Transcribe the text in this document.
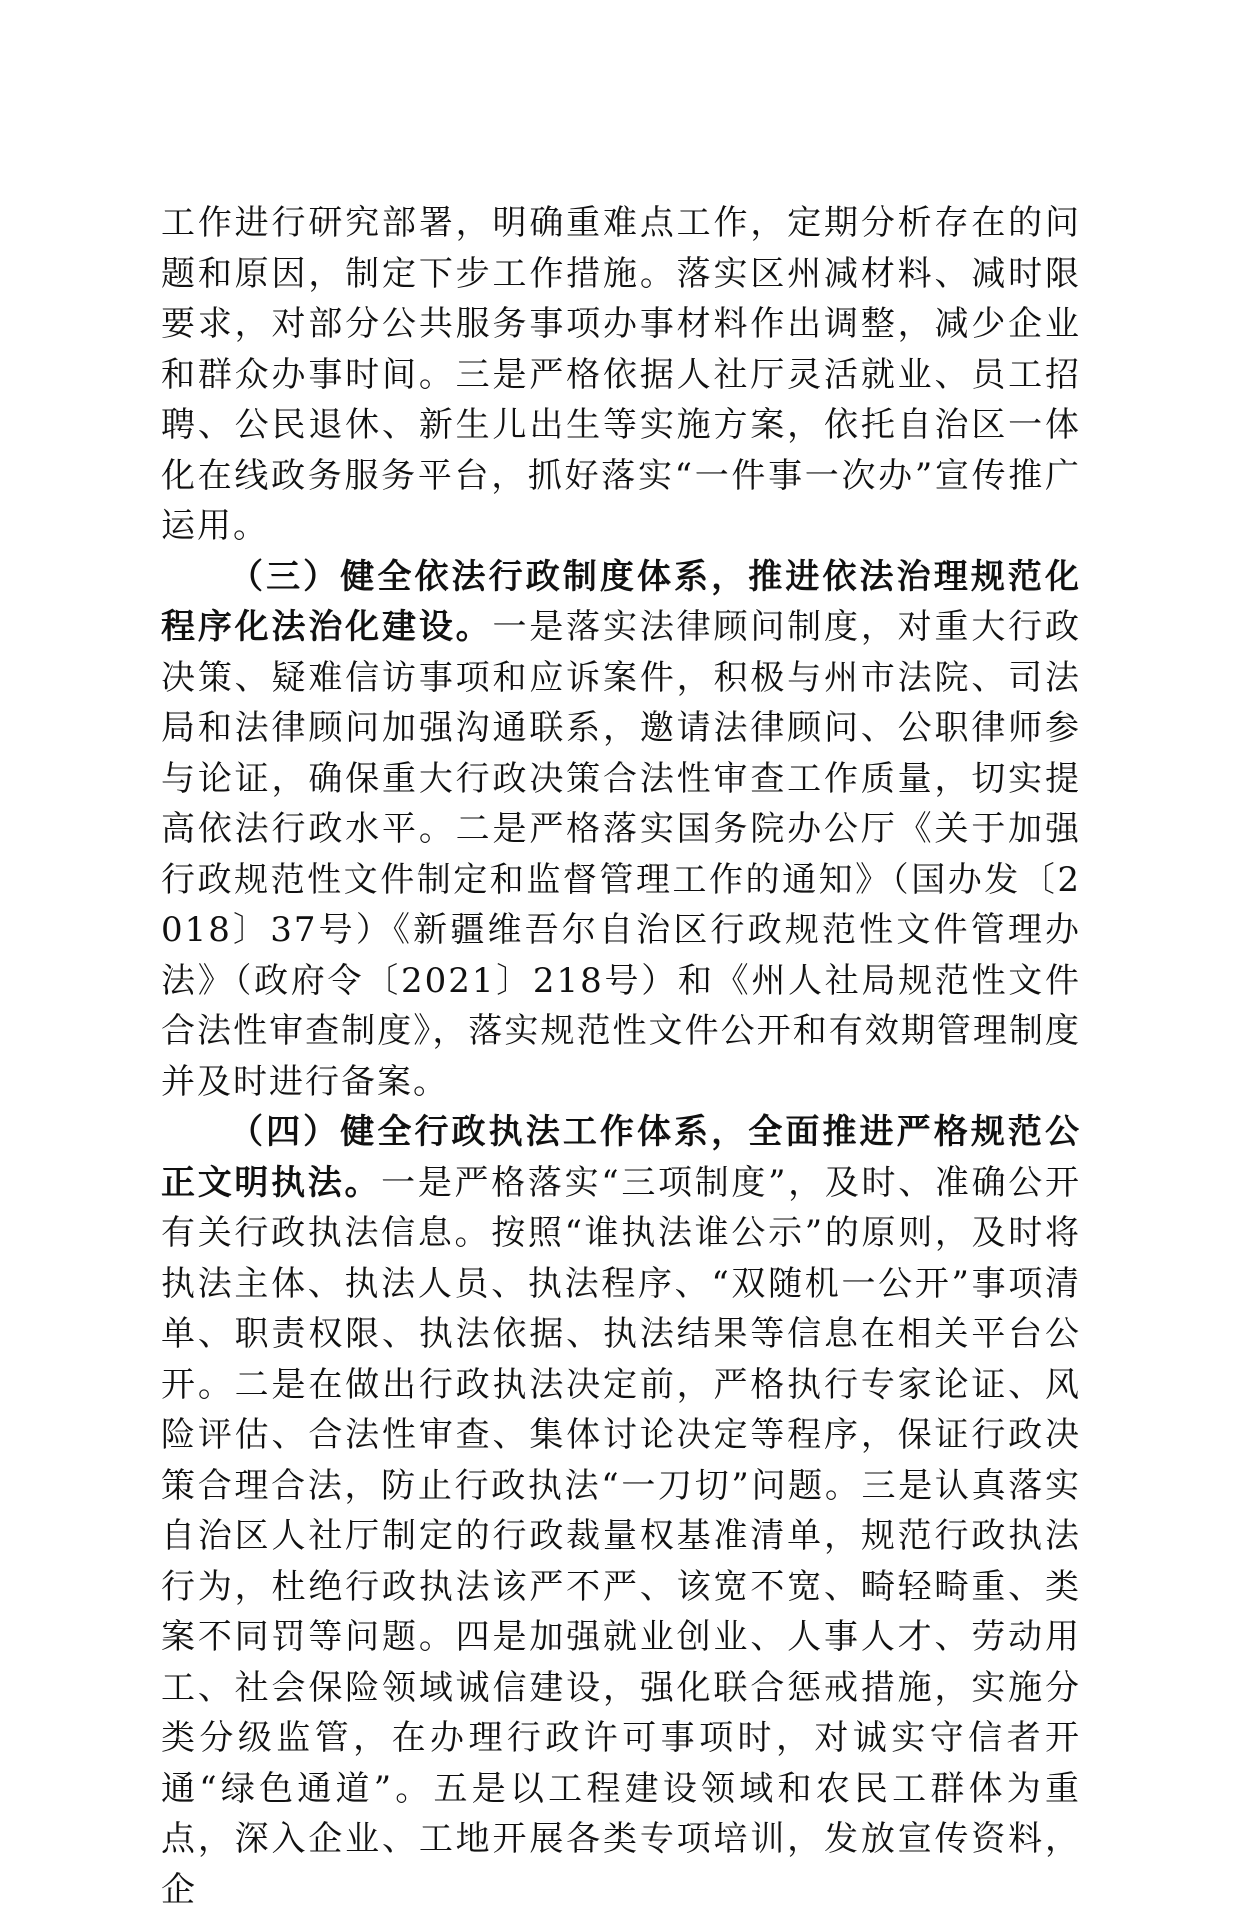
工作进行研究部署，明确重难点工作，定期分析存在的问题和原因，制定下步工作措施。落实区州减材料、减时限要求，对部分公共服务事项办事材料作出调整，减少企业和群众办事时间。三是严格依据人社厅灵活就业、员工招聘、公民退休、新生儿出生等实施方案，依托自治区一体化在线政务服务平台，抓好落实“一件事一次办”宣传推广运用。

（三）健全依法行政制度体系，推进依法治理规范化程序化法治化建设。一是落实法律顾问制度，对重大行政决策、疑难信访事项和应诉案件，积极与州市法院、司法局和法律顾问加强沟通联系，邀请法律顾问、公职律师参与论证，确保重大行政决策合法性审查工作质量，切实提高依法行政水平。二是严格落实国务院办公厅《关于加强行政规范性文件制定和监督管理工作的通知》（国办发〔2018〕37号）《新疆维吾尔自治区行政规范性文件管理办法》（政府令〔2021〕218号）和《州人社局规范性文件合法性审查制度》，落实规范性文件公开和有效期管理制度并及时进行备案。

（四）健全行政执法工作体系，全面推进严格规范公正文明执法。一是严格落实“三项制度”，及时、准确公开有关行政执法信息。按照“谁执法谁公示”的原则，及时将执法主体、执法人员、执法程序、“双随机一公开”事项清单、职责权限、执法依据、执法结果等信息在相关平台公开。二是在做出行政执法决定前，严格执行专家论证、风险评估、合法性审查、集体讨论决定等程序，保证行政决策合理合法，防止行政执法“一刀切”问题。三是认真落实自治区人社厅制定的行政裁量权基准清单，规范行政执法行为，杜绝行政执法该严不严、该宽不宽、畸轻畸重、类案不同罚等问题。四是加强就业创业、人事人才、劳动用工、社会保险领域诚信建设，强化联合惩戒措施，实施分类分级监管，在办理行政许可事项时，对诚实守信者开通“绿色通道”。五是以工程建设领域和农民工群体为重点，深入企业、工地开展各类专项培训，发放宣传资料，企
